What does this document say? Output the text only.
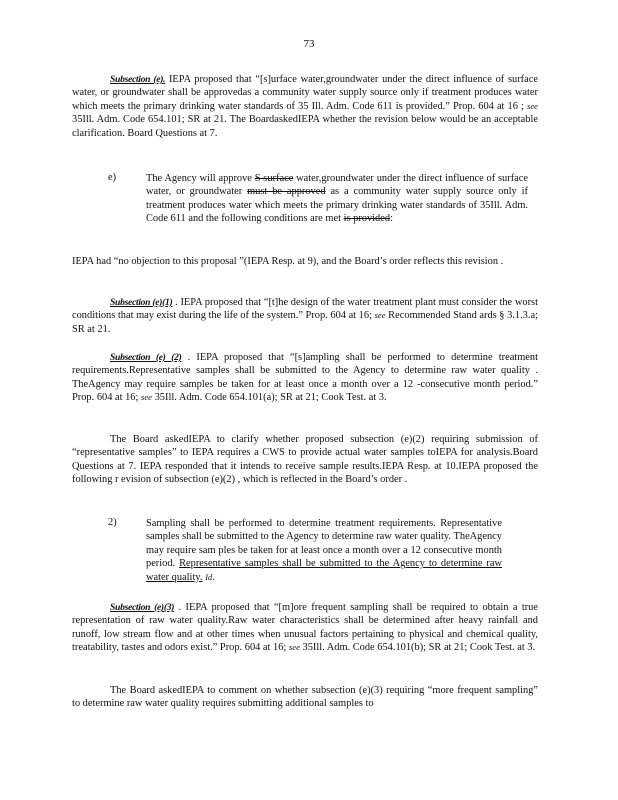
73
Subsection (e). IEPA proposed that “[s]urface water,groundwater under the direct influence of surface water, or groundwater shall be approvedas a community water supply source only if treatment produces water which meets the primary drinking water standards of 35 Ill. Adm. Code 611 is provided.” Prop. 604 at 16 ; see 35Ill. Adm. Code 654.101; SR at 21. The BoardaskedIEPA whether the revision below would be an acceptable clarification. Board Questions at 7.
e)	The Agency will approve S surface water,groundwater under the direct influence of surface water, or groundwater must be approved as a community water supply source only if treatment produces water which meets the primary drinking water standards of 35Ill. Adm. Code 611 and the following conditions are met is provided:
IEPA had “no objection to this proposal ”(IEPA Resp. at 9), and the Board’s order reflects this revision .
Subsection (e)(1) . IEPA proposed that “[t]he design of the water treatment plant must consider the worst conditions that may exist during the life of the system.” Prop. 604 at 16; see Recommended Stand ards § 3.1.3.a; SR at 21.
Subsection (e) (2) . IEPA proposed that “[s]ampling shall be performed to determine treatment requirements.Representative samples shall be submitted to the Agency to determine raw water quality . TheAgency may require samples be taken for at least once a month over a 12 -consecutive month period.” Prop. 604 at 16; see 35Ill. Adm. Code 654.101(a); SR at 21; Cook Test. at 3.
The Board askedIEPA to clarify whether proposed subsection (e)(2) requiring submission of “representative samples” to IEPA requires a CWS to provide actual water samples toIEPA for analysis.Board Questions at 7. IEPA responded that it intends to receive sample results.IEPA Resp. at 10.IEPA proposed the following r evision of subsection (e)(2) , which is reflected in the Board’s order .
2)	Sampling shall be performed to determine treatment requirements. Representative samples shall be submitted to the Agency to determine raw water quality. TheAgency may require sam ples be taken for at least once a month over a 12 consecutive month period. Representative samples shall be submitted to the Agency to determine raw water quality. Id.
Subsection (e)(3) . IEPA proposed that “[m]ore frequent sampling shall be required to obtain a true representation of raw water quality.Raw water characteristics shall be determined after heavy rainfall and runoff, low stream flow and at other times when unusual factors pertaining to physical and chemical quality, treatability, tastes and odors exist.” Prop. 604 at 16; see 35Ill. Adm. Code 654.101(b); SR at 21; Cook Test. at 3.
The Board askedIEPA to comment on whether subsection (e)(3) requiring “more frequent sampling” to determine raw water quality requires submitting additional samples to
